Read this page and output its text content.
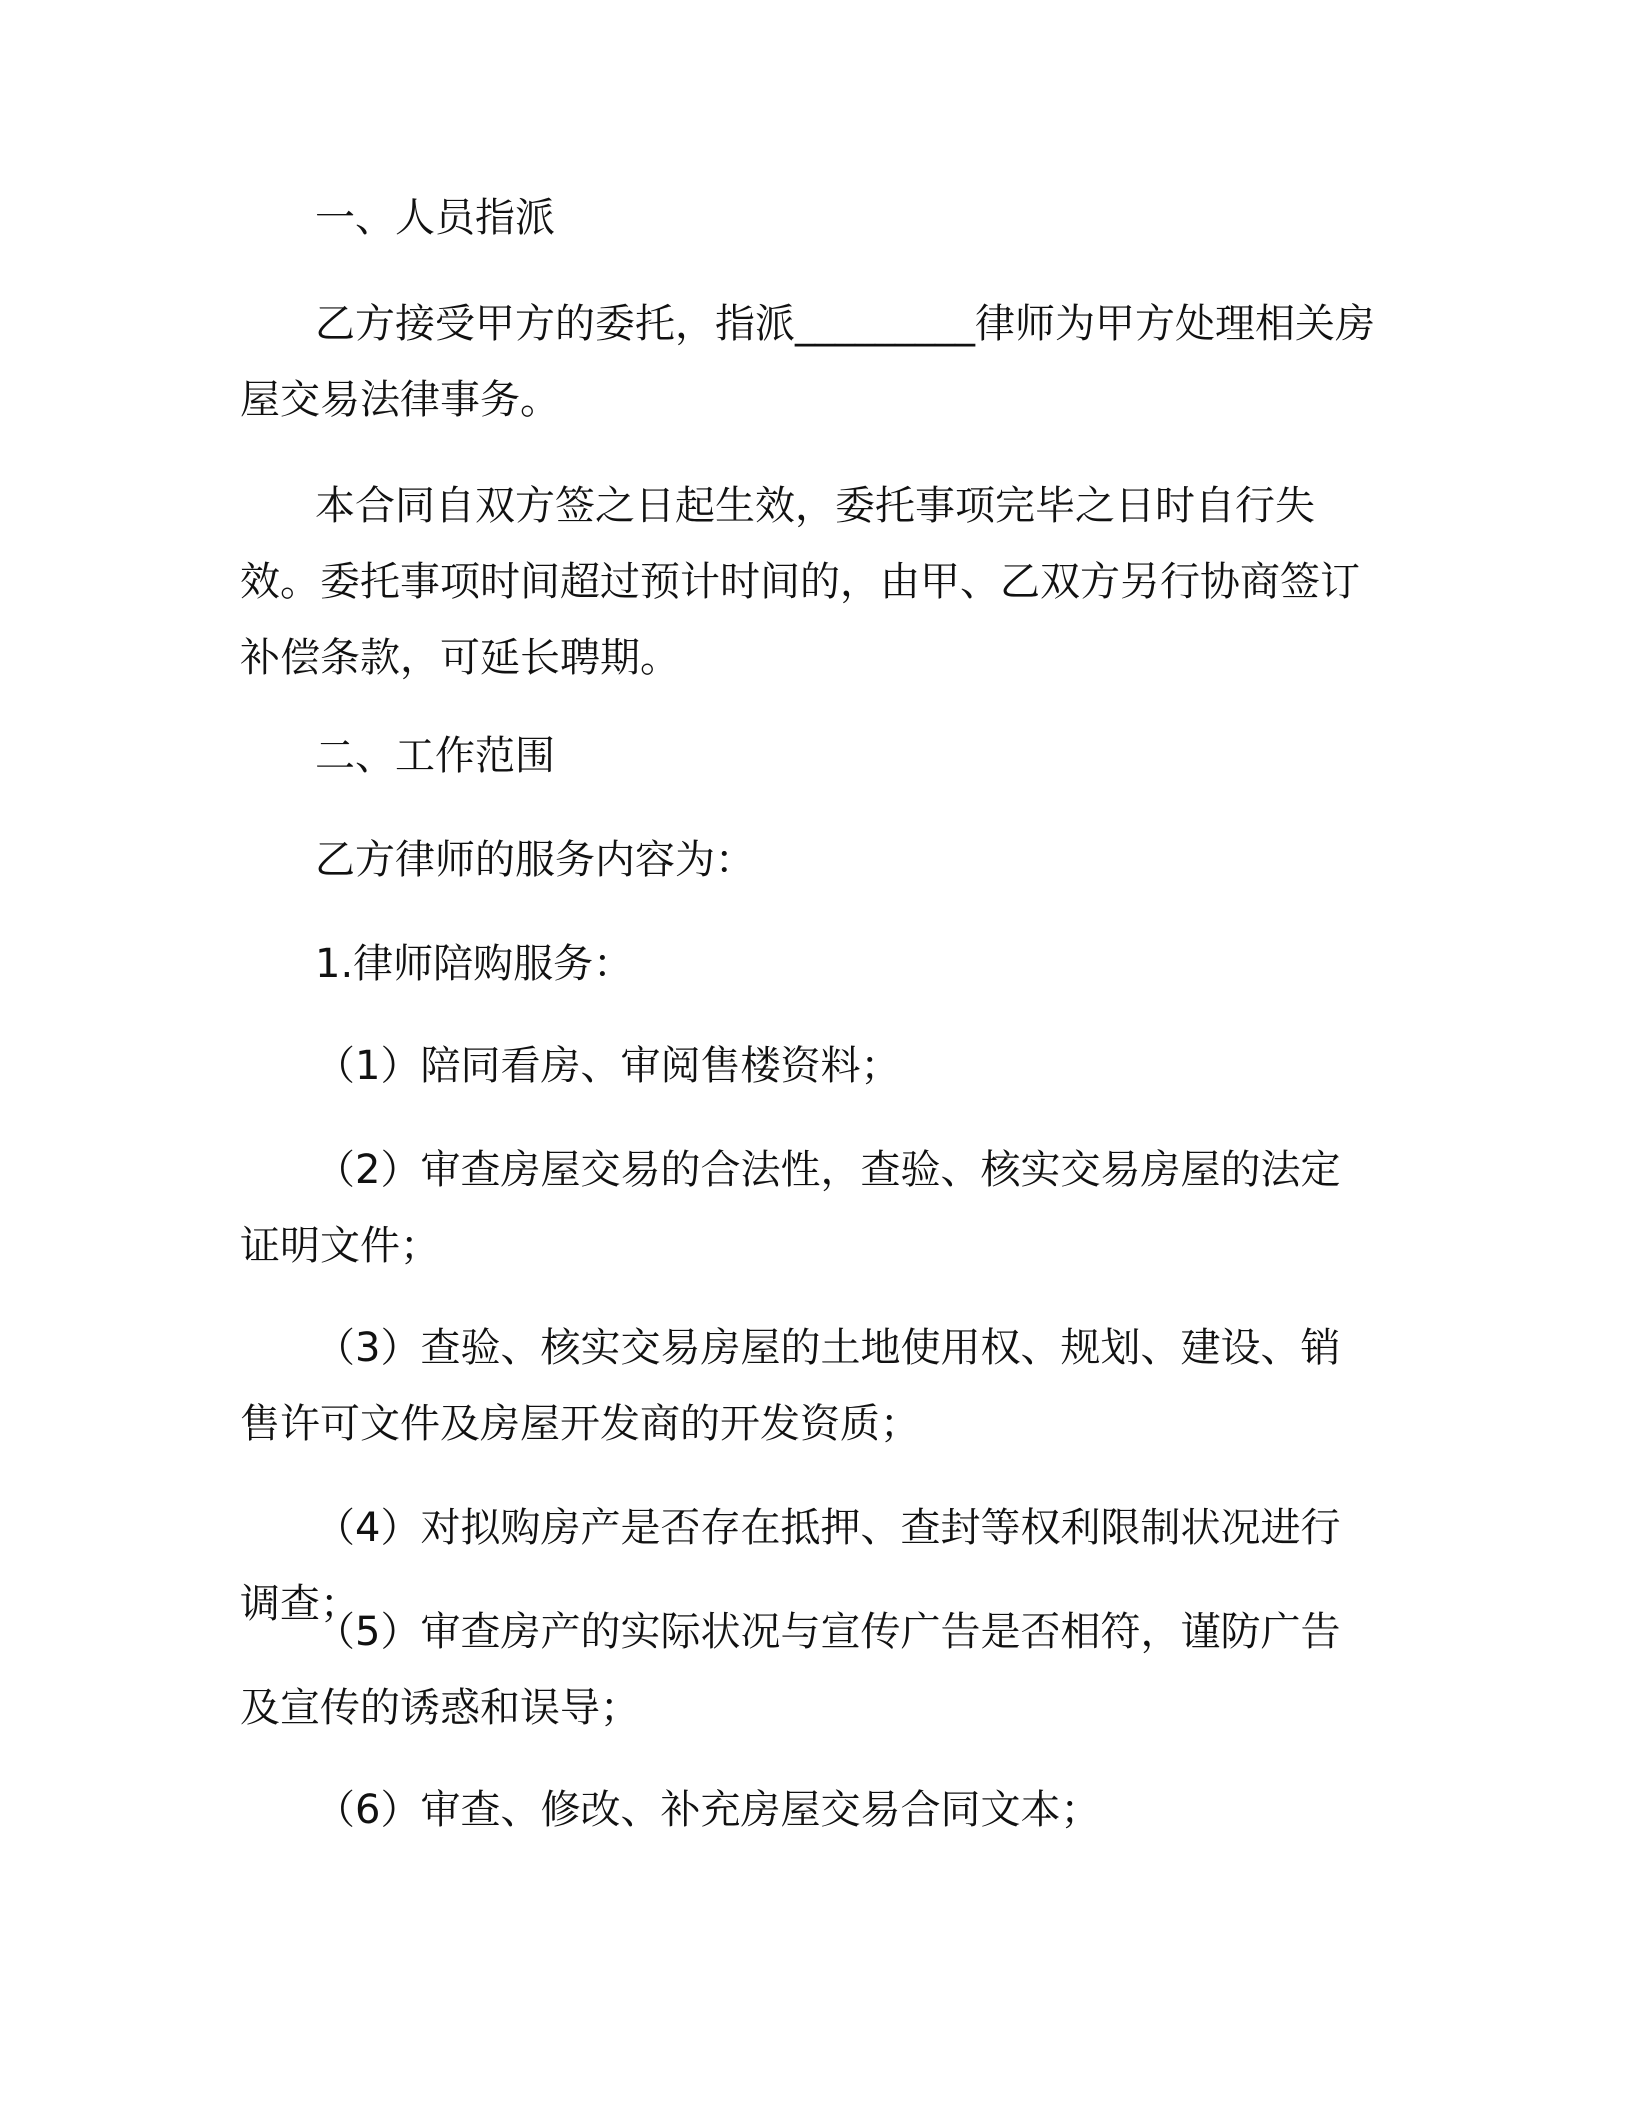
一、人员指派

乙方接受甲方的委托，指派_________律师为甲方处理相关房屋交易法律事务。

本合同自双方签之日起生效，委托事项完毕之日时自行失效。委托事项时间超过预计时间的，由甲、乙双方另行协商签订补偿条款，可延长聘期。

二、工作范围

乙方律师的服务内容为：

1.律师陪购服务：

（1）陪同看房、审阅售楼资料；

（2）审查房屋交易的合法性，查验、核实交易房屋的法定证明文件；

（3）查验、核实交易房屋的土地使用权、规划、建设、销售许可文件及房屋开发商的开发资质；

（4）对拟购房产是否存在抵押、查封等权利限制状况进行调查；

（5）审查房产的实际状况与宣传广告是否相符，谨防广告及宣传的诱惑和误导；

（6）审查、修改、补充房屋交易合同文本；
